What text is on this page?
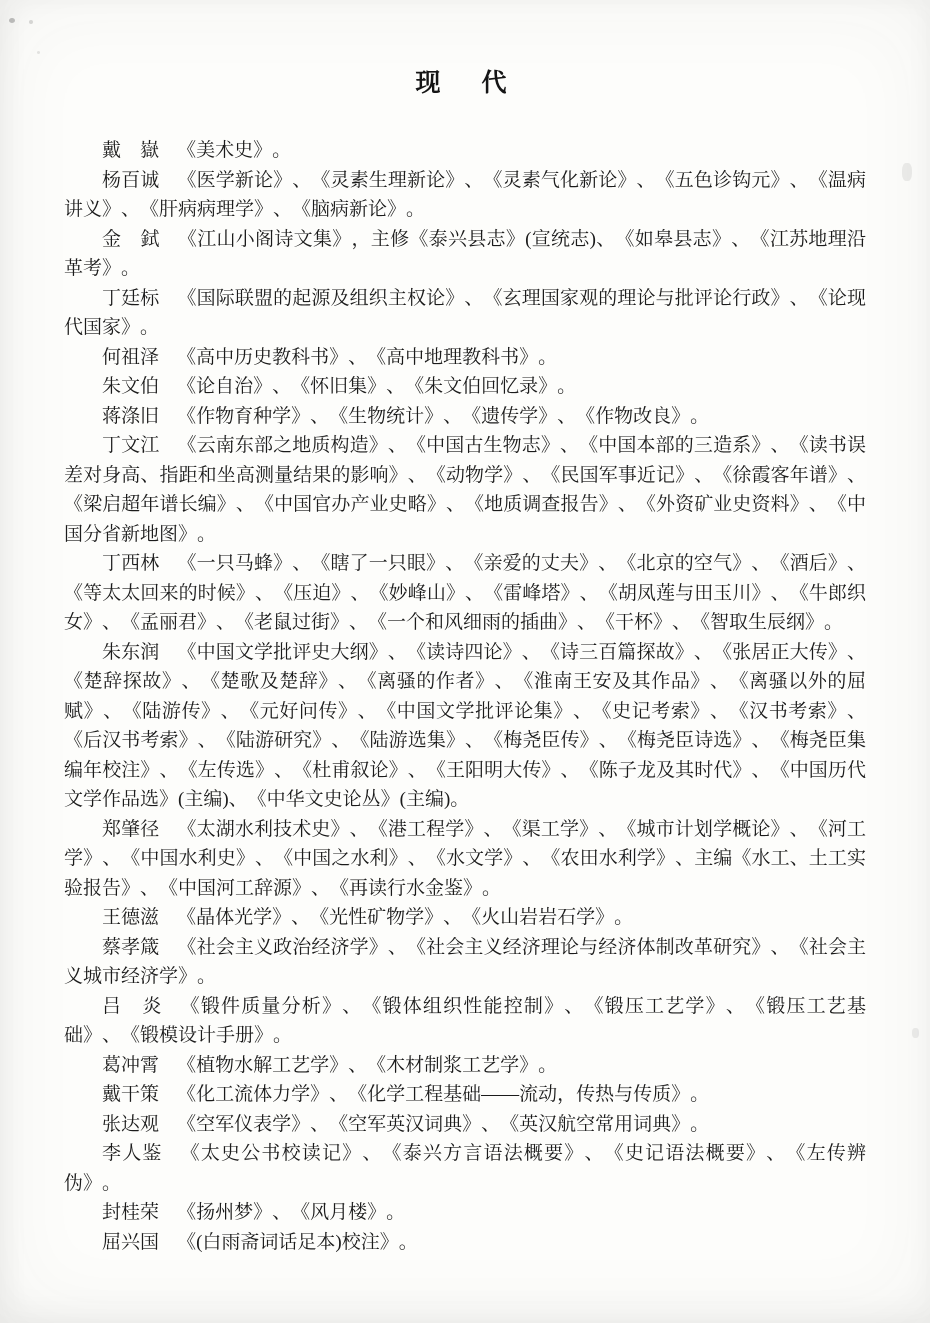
现　代

戴　嶽 《美术史》。

杨百诚 《医学新论》、《灵素生理新论》、《灵素气化新论》、《五色诊钩元》、《温病讲义》、《肝病病理学》、《脑病新论》。

金　鉽 《江山小阁诗文集》，主修《泰兴县志》(宣统志)、《如皋县志》、《江苏地理沿革考》。

丁廷标 《国际联盟的起源及组织主权论》、《玄理国家观的理论与批评论行政》、《论现代国家》。

何祖泽 《高中历史教科书》、《高中地理教科书》。

朱文伯 《论自治》、《怀旧集》、《朱文伯回忆录》。

蒋涤旧 《作物育种学》、《生物统计》、《遗传学》、《作物改良》。

丁文江 《云南东部之地质构造》、《中国古生物志》、《中国本部的三造系》、《读书误差对身高、指距和坐高测量结果的影响》、《动物学》、《民国军事近记》、《徐霞客年谱》、《梁启超年谱长编》、《中国官办产业史略》、《地质调查报告》、《外资矿业史资料》、《中国分省新地图》。

丁西林 《一只马蜂》、《瞎了一只眼》、《亲爱的丈夫》、《北京的空气》、《酒后》、《等太太回来的时候》、《压迫》、《妙峰山》、《雷峰塔》、《胡凤莲与田玉川》、《牛郎织女》、《孟丽君》、《老鼠过街》、《一个和风细雨的插曲》、《干杯》、《智取生辰纲》。

朱东润 《中国文学批评史大纲》、《读诗四论》、《诗三百篇探故》、《张居正大传》、《楚辞探故》、《楚歌及楚辞》、《离骚的作者》、《淮南王安及其作品》、《离骚以外的屈赋》、《陆游传》、《元好问传》、《中国文学批评论集》、《史记考索》、《汉书考索》、《后汉书考索》、《陆游研究》、《陆游选集》、《梅尧臣传》、《梅尧臣诗选》、《梅尧臣集编年校注》、《左传选》、《杜甫叙论》、《王阳明大传》、《陈子龙及其时代》、《中国历代文学作品选》(主编)、《中华文史论丛》(主编)。

郑肇径 《太湖水利技术史》、《港工程学》、《渠工学》、《城市计划学概论》、《河工学》、《中国水利史》、《中国之水利》、《水文学》、《农田水利学》、主编《水工、土工实验报告》、《中国河工辞源》、《再读行水金鉴》。

王德滋 《晶体光学》、《光性矿物学》、《火山岩岩石学》。

蔡孝箴 《社会主义政治经济学》、《社会主义经济理论与经济体制改革研究》、《社会主义城市经济学》。

吕　炎 《锻件质量分析》、《锻体组织性能控制》、《锻压工艺学》、《锻压工艺基础》、《锻模设计手册》。

葛冲霄 《植物水解工艺学》、《木材制浆工艺学》。

戴干策 《化工流体力学》、《化学工程基础——流动，传热与传质》。

张达观 《空军仪表学》、《空军英汉词典》、《英汉航空常用词典》。

李人鉴 《太史公书校读记》、《泰兴方言语法概要》、《史记语法概要》、《左传辨伪》。

封桂荣 《扬州梦》、《风月楼》。

屈兴国 《(白雨斋词话足本)校注》。
